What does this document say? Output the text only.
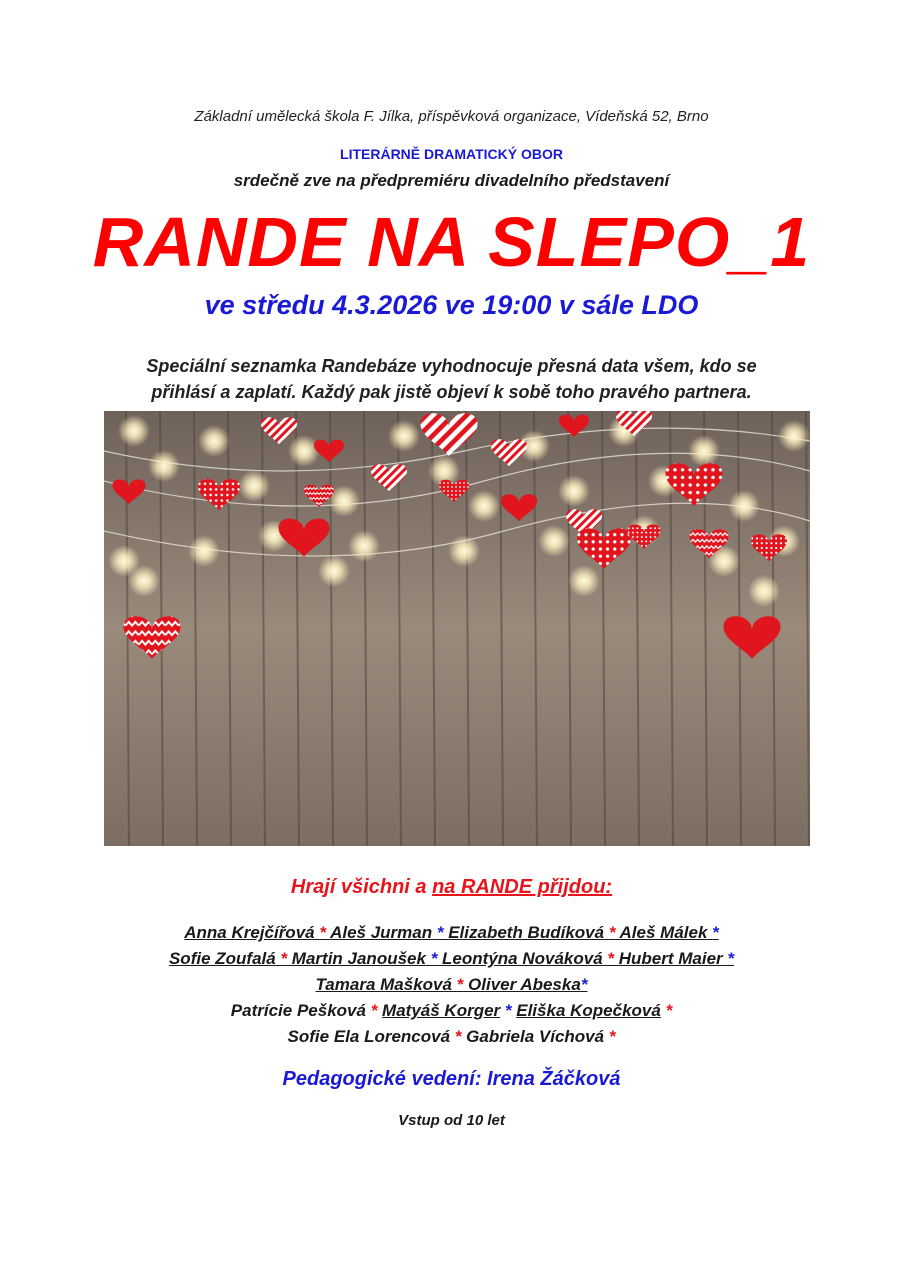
Základní umělecká škola F. Jílka, příspěvková organizace, Vídeňská 52, Brno
LITERÁRNĚ DRAMATICKÝ OBOR
srdečně zve na předpremiéru divadelního představení
RANDE NA SLEPO_1
ve středu 4.3.2026 ve 19:00 v sále LDO
Speciální seznamka Randebáze vyhodnocuje přesná data všem, kdo se
přihlásí a zaplatí. Každý pak jistě objeví k sobě toho pravého partnera.
Hrají všichni a na RANDE přijdou:
Anna Krejčířová * Aleš Jurman * Elizabeth Budíková * Aleš Málek *
Sofie Zoufalá * Martin Janoušek * Leontýna Nováková * Hubert Maier *
Tamara Mašková * Oliver Abeska*
Patrície Pešková * Matyáš Korger * Eliška Kopečková *
Sofie Ela Lorencová * Gabriela Víchová *
Pedagogické vedení: Irena Žáčková
Vstup od 10 let
